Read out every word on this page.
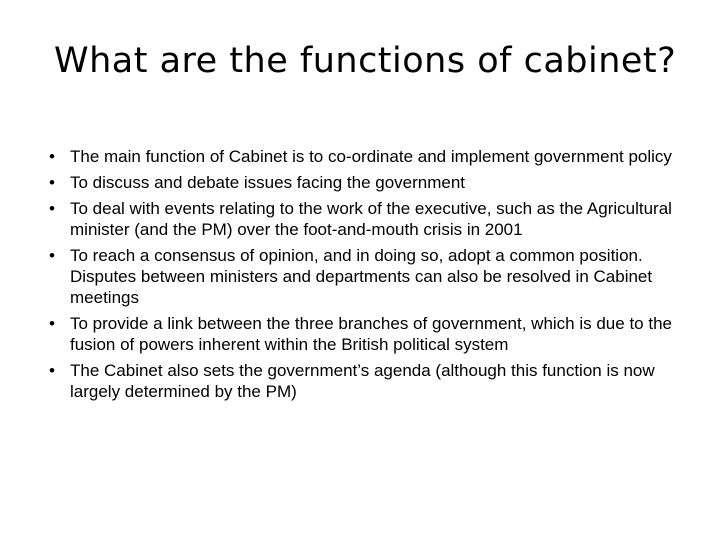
What are the functions of cabinet?
• The main function of Cabinet is to co-ordinate and implement government policy
• To discuss and debate issues facing the government
• To deal with events relating to the work of the executive, such as the Agricultural minister (and the PM) over the foot-and-mouth crisis in 2001
• To reach a consensus of opinion, and in doing so, adopt a common position. Disputes between ministers and departments can also be resolved in Cabinet meetings
• To provide a link between the three branches of government, which is due to the fusion of powers inherent within the British political system
• The Cabinet also sets the government’s agenda (although this function is now largely determined by the PM)
